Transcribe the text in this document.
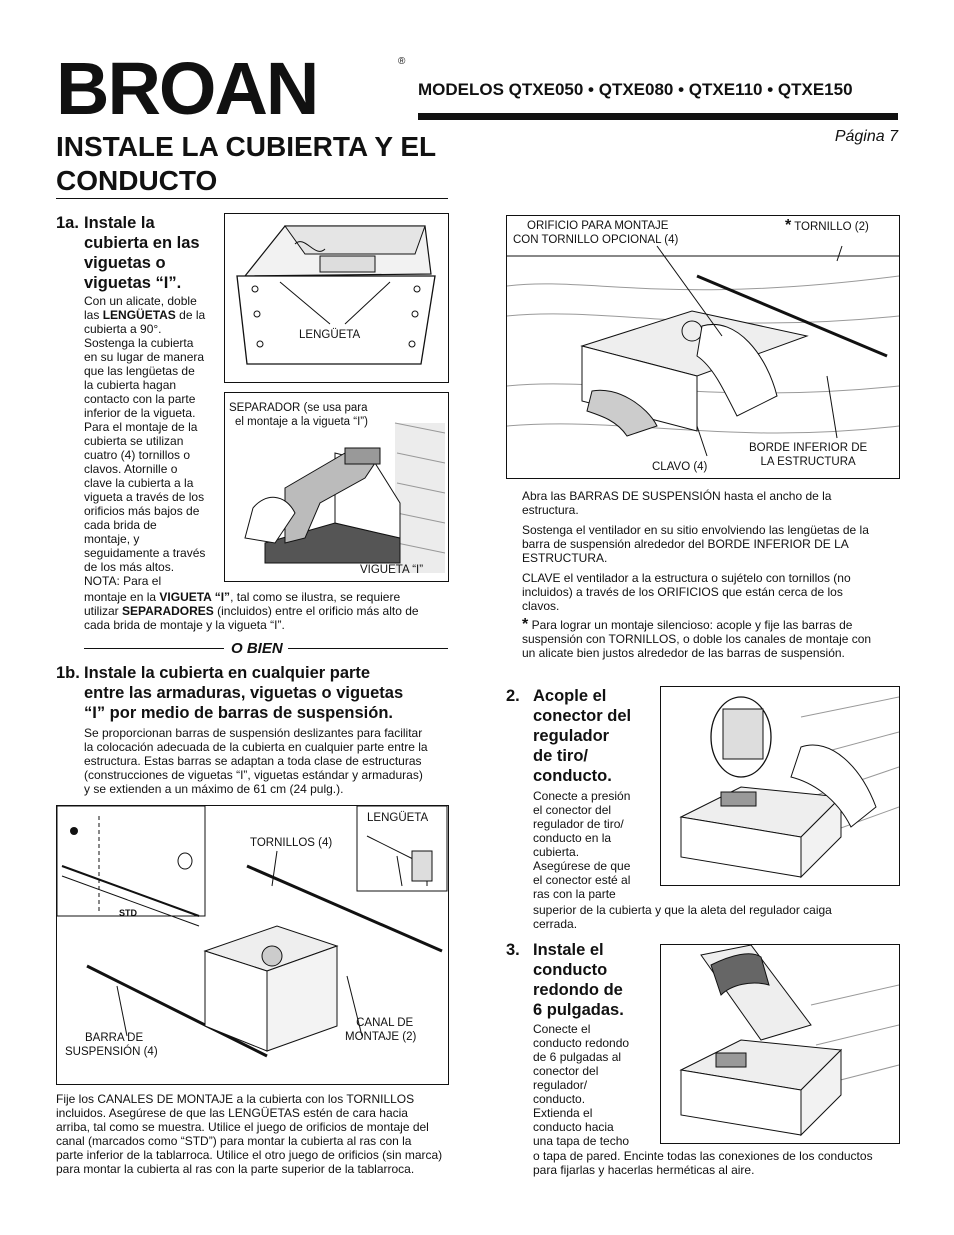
BROAN	®
MODELOS QTXE050 • QTXE080 • QTXE110 • QTXE150
Página 7
INSTALE LA CUBIERTA Y EL
CONDUCTO
1a. Instale la
cubierta en las
viguetas o
viguetas “I”.
Con un alicate, doble
las LENGÜETAS de la
cubierta a 90°.
Sostenga la cubierta
en su lugar de manera
que las lengüetas de
la cubierta hagan
contacto con la parte
inferior de la vigueta.
Para el montaje de la
cubierta se utilizan
cuatro (4) tornillos o
clavos. Atornille o
clave la cubierta a la
vigueta a través de los
orificios más bajos de
cada brida de
montaje, y
seguidamente a través
de los más altos.
NOTA: Para el
montaje en la VIGUETA “I”, tal como se ilustra, se requiere
utilizar SEPARADORES (incluidos) entre el orificio más alto de
cada brida de montaje y la vigueta “I”.
LENGÜETA
SEPARADOR (se usa para
el montaje a la vigueta “I”)
VIGUETA “I”
O BIEN
1b. Instale la cubierta en cualquier parte
entre las armaduras, viguetas o viguetas
“I” por medio de barras de suspensión.
Se proporcionan barras de suspensión deslizantes para facilitar
la colocación adecuada de la cubierta en cualquier parte entre la
estructura. Estas barras se adaptan a toda clase de estructuras
(construcciones de viguetas “I”, viguetas estándar y armaduras)
y se extienden a un máximo de 61 cm (24 pulg.).
LENGÜETA
TORNILLOS (4)
STD
BARRA DE
SUSPENSIÓN (4)
CANAL DE
MONTAJE (2)
Fije los CANALES DE MONTAJE a la cubierta con los TORNILLOS
incluidos. Asegúrese de que las LENGÜETAS estén de cara hacia
arriba, tal como se muestra. Utilice el juego de orificios de montaje del
canal (marcados como “STD”) para montar la cubierta al ras con la
parte inferior de la tablarroca. Utilice el otro juego de orificios (sin marca)
para montar la cubierta al ras con la parte superior de la tablarroca.
ORIFICIO PARA MONTAJE
CON TORNILLO OPCIONAL (4)
* TORNILLO (2)
CLAVO (4)
BORDE INFERIOR DE
LA ESTRUCTURA
Abra las BARRAS DE SUSPENSIÓN hasta el ancho de la
estructura.
Sostenga el ventilador en su sitio envolviendo las lengüetas de la
barra de suspensión alrededor del BORDE INFERIOR DE LA
ESTRUCTURA.
CLAVE el ventilador a la estructura o sujételo con tornillos (no
incluidos) a través de los ORIFICIOS que están cerca de los
clavos.
* Para lograr un montaje silencioso: acople y fije las barras de
suspensión con TORNILLOS, o doble los canales de montaje con
un alicate bien justos alrededor de las barras de suspensión.
2. Acople el
conector del
regulador
de tiro/
conducto.
Conecte a presión
el conector del
regulador de tiro/
conducto en la
cubierta.
Asegúrese de que
el conector esté al
ras con la parte
superior de la cubierta y que la aleta del regulador caiga
cerrada.
3. Instale el
conducto
redondo de
6 pulgadas.
Conecte el
conducto redondo
de 6 pulgadas al
conector del
regulador/
conducto.
Extienda el
conducto hacia
una tapa de techo
o tapa de pared. Encinte todas las conexiones de los conductos
para fijarlas y hacerlas herméticas al aire.
